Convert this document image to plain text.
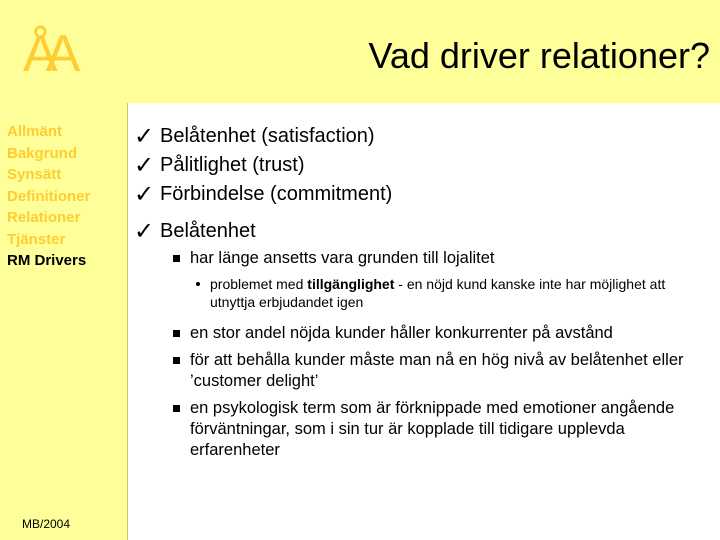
ÅA
Allmänt
Bakgrund
Synsätt
Definitioner
Relationer
Tjänster
RM Drivers
MB/2004
Vad driver relationer?
✓ Belåtenhet (satisfaction)
✓ Pålitlighet (trust)
✓ Förbindelse (commitment)
✓ Belåtenhet
har länge ansetts vara grunden till lojalitet
problemet med tillgänglighet - en nöjd kund kanske inte har möjlighet att utnyttja erbjudandet igen
en stor andel nöjda kunder håller konkurrenter på avstånd
för att behålla kunder måste man nå en hög nivå av belåtenhet eller ’customer delight’
en psykologisk term som är förknippade med emotioner angående förväntningar, som i sin tur är kopplade till tidigare upplevda erfarenheter
